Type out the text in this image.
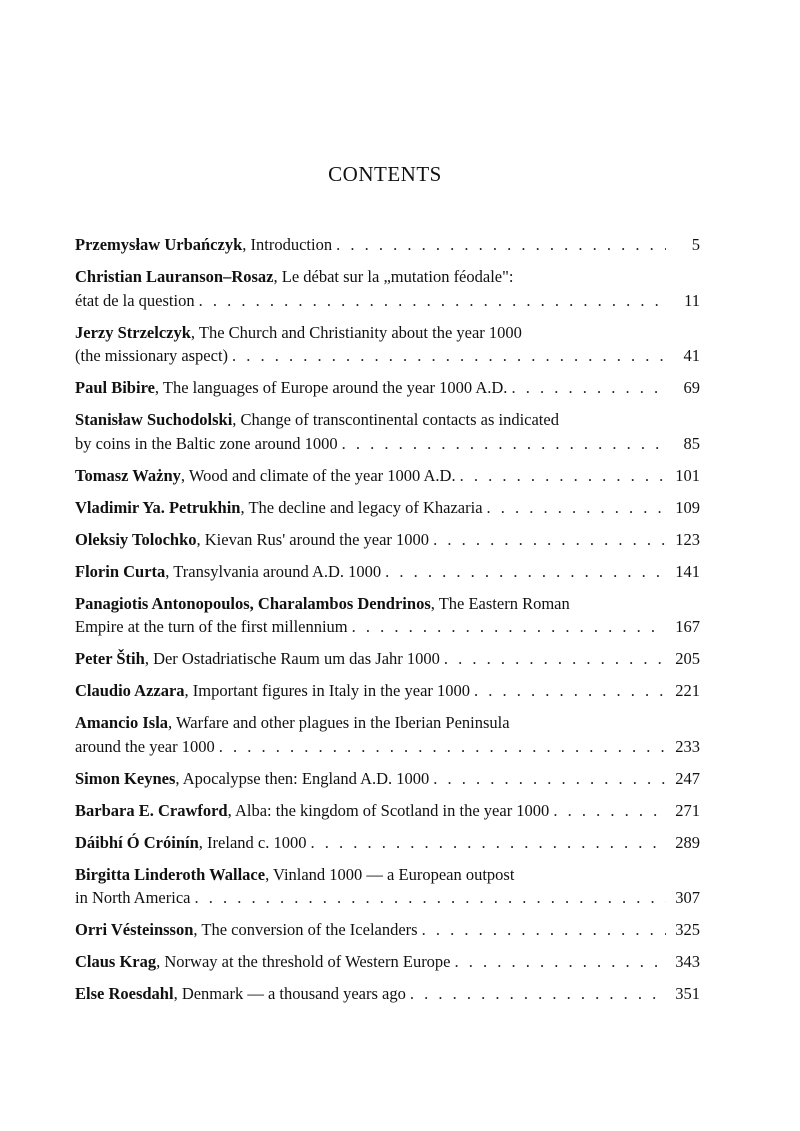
CONTENTS
Przemysław Urbańczyk, Introduction . . .	5
Christian Lauranson–Rosaz, Le débat sur la „mutation féodale":
état de la question . . .	11
Jerzy Strzelczyk, The Church and Christianity about the year 1000
(the missionary aspect) . . .	41
Paul Bibire, The languages of Europe around the year 1000 A.D. . . .	69
Stanisław Suchodolski, Change of transcontinental contacts as indicated
by coins in the Baltic zone around 1000 . . .	85
Tomasz Ważny, Wood and climate of the year 1000 A.D. . . .	101
Vladimir Ya. Petrukhin, The decline and legacy of Khazaria . . .	109
Oleksiy Tolochko, Kievan Rus' around the year 1000 . . .	123
Florin Curta, Transylvania around A.D. 1000 . . .	141
Panagiotis Antonopoulos, Charalambos Dendrinos, The Eastern Roman
Empire at the turn of the first millennium . . .	167
Peter Štih, Der Ostadriatische Raum um das Jahr 1000 . . .	205
Claudio Azzara, Important figures in Italy in the year 1000 . . .	221
Amancio Isla, Warfare and other plagues in the Iberian Peninsula
around the year 1000 . . .	233
Simon Keynes, Apocalypse then: England A.D. 1000 . . .	247
Barbara E. Crawford, Alba: the kingdom of Scotland in the year 1000 . . .	271
Dáibhí Ó Cróinín, Ireland c. 1000 . . .	289
Birgitta Linderoth Wallace, Vinland 1000 — a European outpost
in North America . . .	307
Orri Vésteinsson, The conversion of the Icelanders . . .	325
Claus Krag, Norway at the threshold of Western Europe . . .	343
Else Roesdahl, Denmark — a thousand years ago . . .	351
